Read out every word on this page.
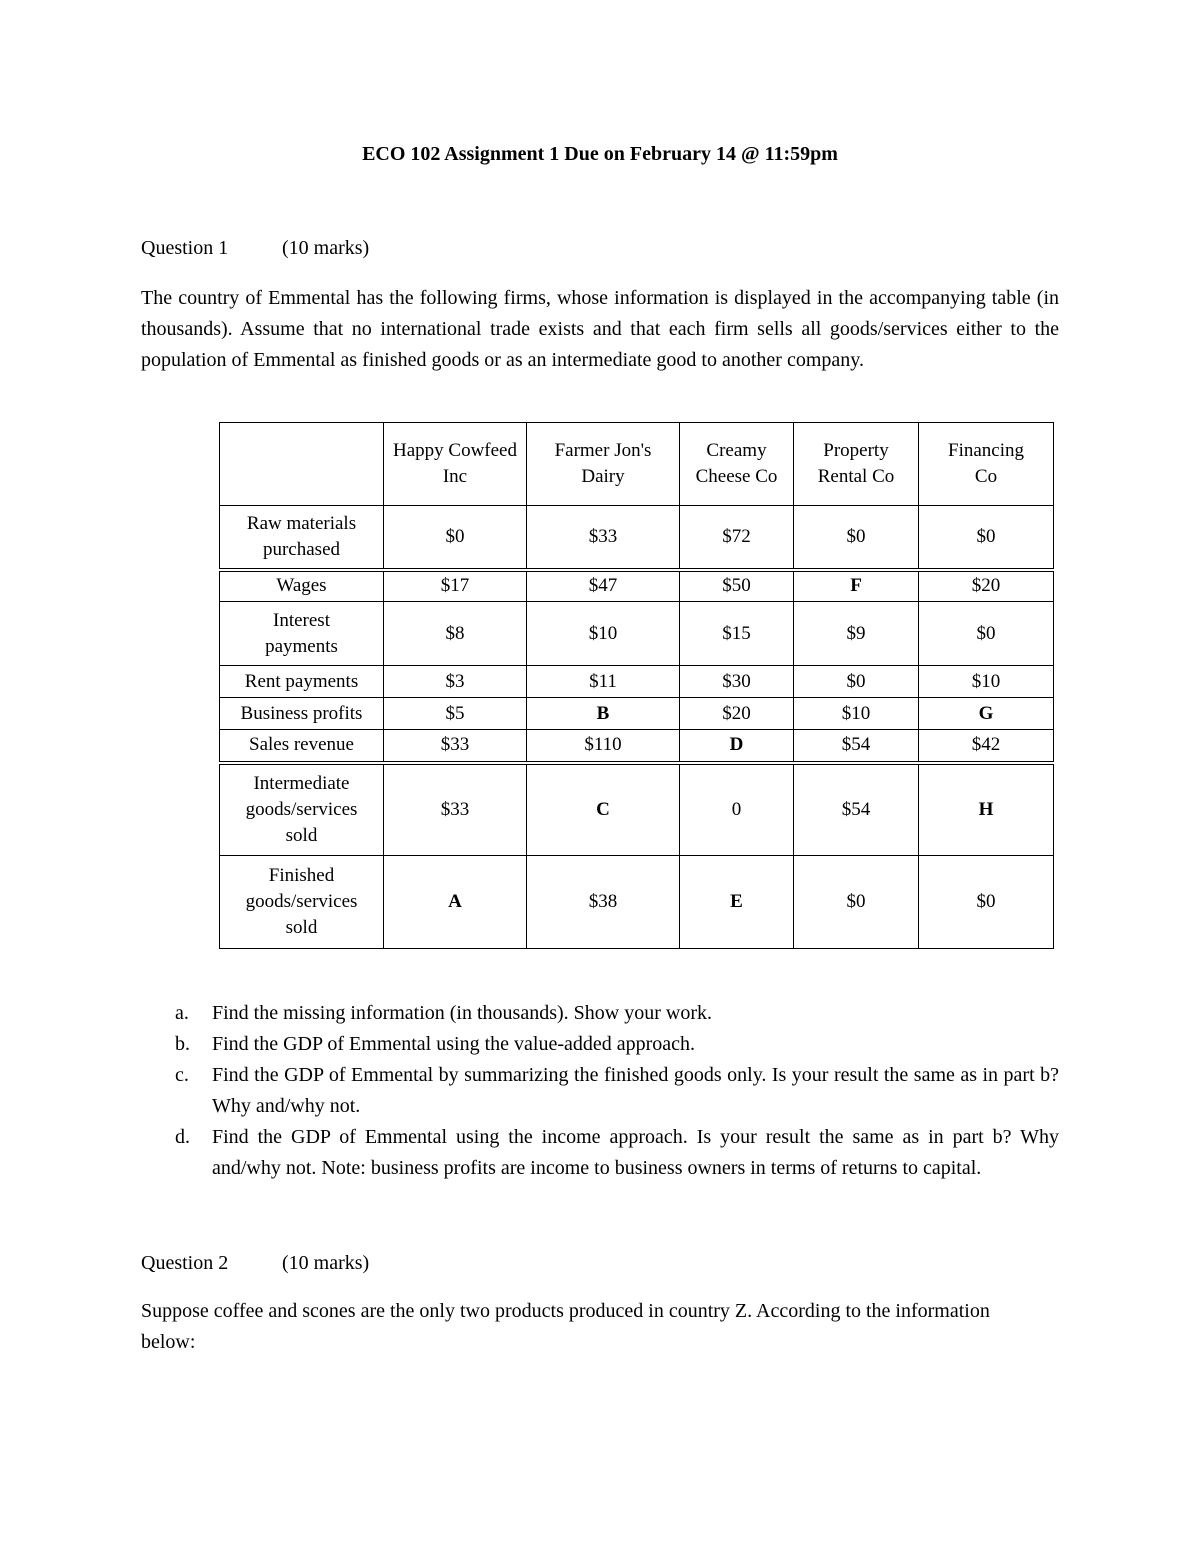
ECO 102 Assignment 1 Due on February 14 @ 11:59pm
Question 1	(10 marks)
The country of Emmental has the following firms, whose information is displayed in the accompanying table (in thousands). Assume that no international trade exists and that each firm sells all goods/services either to the population of Emmental as finished goods or as an intermediate good to another company.
	Happy Cowfeed Inc	Farmer Jon's Dairy	Creamy Cheese Co	Property Rental Co	Financing Co
Raw materials purchased	$0	$33	$72	$0	$0
Wages	$17	$47	$50	F	$20
Interest payments	$8	$10	$15	$9	$0
Rent payments	$3	$11	$30	$0	$10
Business profits	$5	B	$20	$10	G
Sales revenue	$33	$110	D	$54	$42
Intermediate goods/services sold	$33	C	0	$54	H
Finished goods/services sold	A	$38	E	$0	$0
a. Find the missing information (in thousands). Show your work.
b. Find the GDP of Emmental using the value-added approach.
c. Find the GDP of Emmental by summarizing the finished goods only. Is your result the same as in part b? Why and/why not.
d. Find the GDP of Emmental using the income approach. Is your result the same as in part b? Why and/why not. Note: business profits are income to business owners in terms of returns to capital.
Question 2	(10 marks)
Suppose coffee and scones are the only two products produced in country Z. According to the information below:
